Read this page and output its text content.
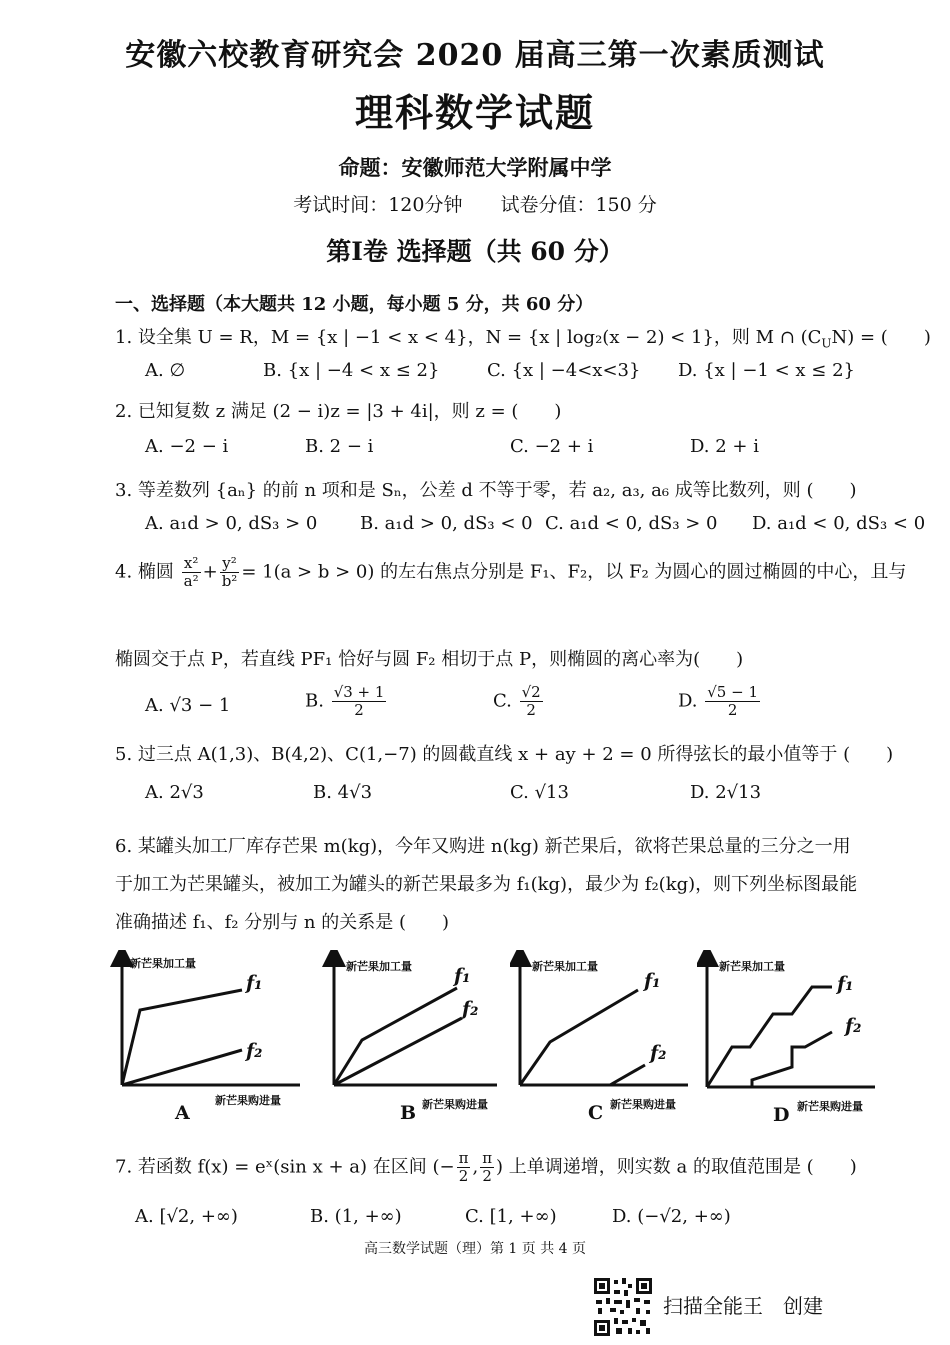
安徽六校教育研究会 2020 届高三第一次素质测试
理科数学试题
命题：安徽师范大学附属中学
考试时间：120分钟　　试卷分值：150 分
第Ⅰ卷 选择题（共 60 分）
一、选择题（本大题共 12 小题，每小题 5 分，共 60 分）
1. 设全集 U = R，M = {x | −1 < x < 4}，N = {x | log₂(x − 2) < 1}，则 M ∩ $(C_UN)$ = (　　)
A. ∅	B. {x | −4 < x ≤ 2}	C. {x | −4<x<3} D. {x | −1 < x ≤ 2}
2. 已知复数 z 满足 (2 − i)z = |3 + 4i|，则 z = (　　)
A. −2 − i	B. 2 − i	C. −2 + i	D. 2 + i
3. 等差数列 {aₙ} 的前 n 项和是 Sₙ，公差 d 不等于零，若 a₂, a₃, a₆ 成等比数列，则 (　　)
A. a₁d > 0, dS₃ > 0 B. a₁d > 0, dS₃ < 0 C. a₁d < 0, dS₃ > 0 D. a₁d < 0, dS₃ < 0
4. 椭圆 $\frac{\text{x²}}{\text{a²}} + \frac{\text{y²}}{\text{b²}} = 1(a > b > 0)$ 的左右焦点分别是 F₁、F₂，以 F₂ 为圆心的圆过椭圆的中心，且与
椭圆交于点 P，若直线 PF₁ 恰好与圆 F₂ 相切于点 P，则椭圆的离心率为(　　)
A. √3 − 1	B. $\frac{√3 + 1}{2}$	C. $\frac{√2}{2}$	D. $\frac{√5 - 1}{2}$
5. 过三点 A(1,3)、B(4,2)、C(1,−7) 的圆截直线 x + ay + 2 = 0 所得弦长的最小值等于 (　　)
A. 2√3	B. 4√3	C. √13	D. 2√13
6. 某罐头加工厂库存芒果 m(kg)，今年又购进 n(kg) 新芒果后，欲将芒果总量的三分之一用
于加工为芒果罐头，被加工为罐头的新芒果最多为 f₁(kg)，最少为 f₂(kg)，则下列坐标图最能
准确描述 f₁、f₂ 分别与 n 的关系是 (　　)
新芒果加工量
f₁
f₂
新芒果购进量
A
新芒果加工量 f₁
f₂
新芒果购进量
B
新芒果加工量
f₁
f₂
新芒果购进量
C
新芒果加工量
f₁
f₂
新芒果购进量
D
7. 若函数 f(x) = eˣ(sin x + a) 在区间 (− $\frac{\pi}{2}$ , $\frac{\pi}{2}$ ) 上单调递增，则实数 a 的取值范围是 (　　)
A. [√2, +∞)	B. (1, +∞)	C. [1, +∞)	D. (−√2, +∞)
高三数学试题（理）第 1 页 共 4 页
扫描全能王　创建
